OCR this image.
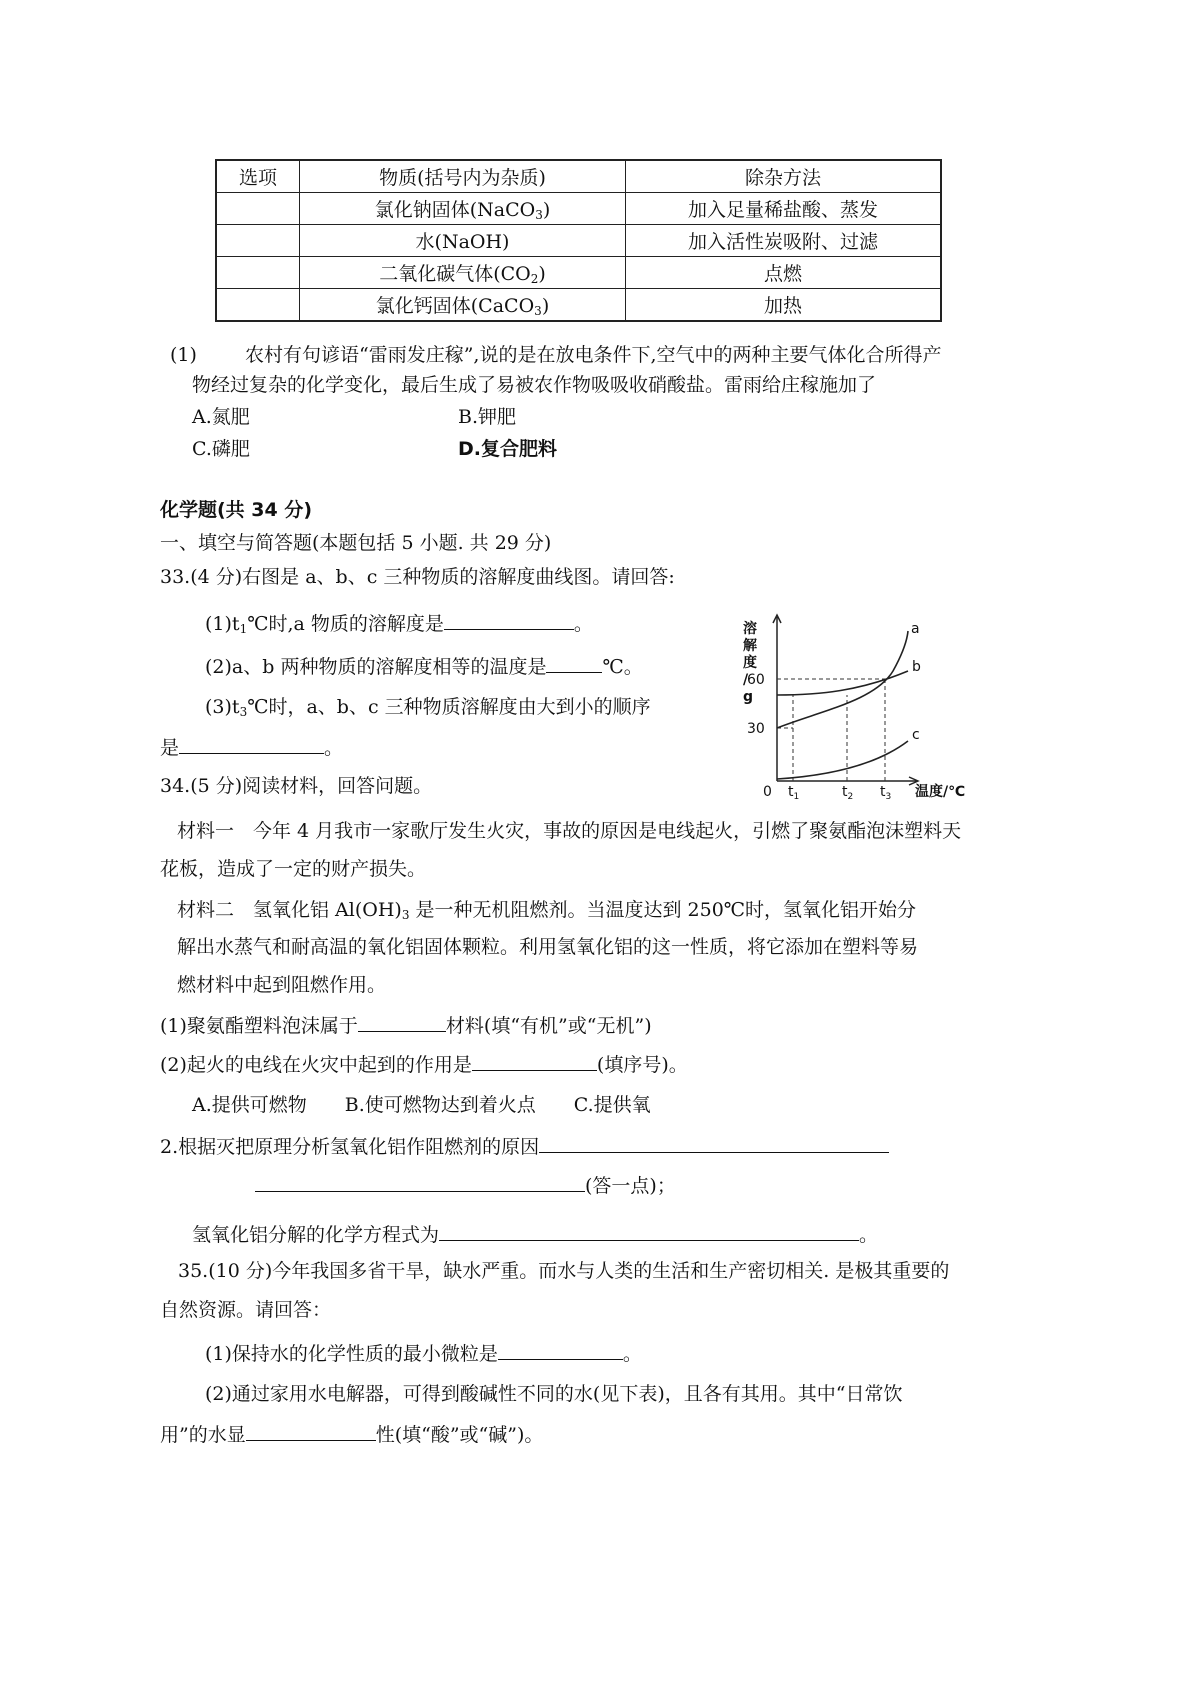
选项	物质(括号内为杂质)	除杂方法
	氯化钠固体(NaCO$_3$)	加入足量稀盐酸、蒸发
	水(NaOH)	加入活性炭吸附、过滤
	二氧化碳气体$(CO_2)$	点燃
	氯化钙固体(CaCO$_3$)	加热
(1)	农村有句谚语“雷雨发庄稼”,说的是在放电条件下,空气中的两种主要气体化合所得产
物经过复杂的化学变化，最后生成了易被农作物吸吸收硝酸盐。雷雨给庄稼施加了
A.氮肥	B.钾肥
C.磷肥	D.复合肥料
化学题(共 34 分)
一、填空与简答题(本题包括 5 小题. 共 29 分)
33.(4 分)右图是 a、b、c 三种物质的溶解度曲线图。请回答:
$(1)t_1℃$时,a 物质的溶解度是	。
(2)a、b 两种物质的溶解度相等的温度是	℃。
$(3)t_3℃$时，a、b、c 三种物质溶解度由大到小的顺序
是	。
a
b
c
60
30
0 $t_1$	$t_2$ $t_3$ 温度/℃
溶解度/ g
34.(5 分)阅读材料，回答问题。
材料一　今年 4 月我市一家歌厅发生火灾，事故的原因是电线起火，引燃了聚氨酯泡沫塑料天
花板，造成了一定的财产损失。
材料二　氢氧化铝 $Al(OH)_3$ 是一种无机阻燃剂。当温度达到 250℃时，氢氧化铝开始分
解出水蒸气和耐高温的氧化铝固体颗粒。利用氢氧化铝的这一性质，将它添加在塑料等易
燃材料中起到阻燃作用。
(1)聚氨酯塑料泡沫属于	材料(填“有机”或“无机”)
(2)起火的电线在火灾中起到的作用是	(填序号)。
A.提供可燃物　　B.使可燃物达到着火点　　C.提供氧
2.根据灭把原理分析氢氧化铝作阻燃剂的原因
(答一点)；
氢氧化铝分解的化学方程式为	。
35.(10 分)今年我国多省干旱，缺水严重。而水与人类的生活和生产密切相关. 是极其重要的
自然资源。请回答：
(1)保持水的化学性质的最小微粒是	。
(2)通过家用水电解器，可得到酸碱性不同的水(见下表)，且各有其用。其中“日常饮
用”的水显	性(填“酸”或“碱”)。
